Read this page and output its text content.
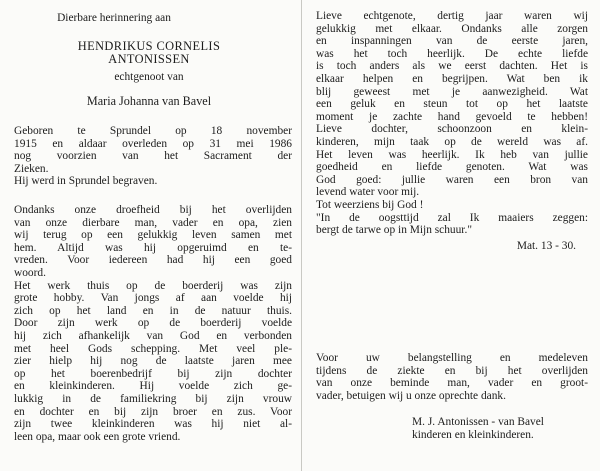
Dierbare herinnering aan
HENDRIKUS CORNELIS
ANTONISSEN
echtgenoot van
Maria Johanna van Bavel
Geboren te Sprundel op 18 november
1915 en aldaar overleden op 31 mei 1986
nog voorzien van het Sacrament der
Zieken.
Hij werd in Sprundel begraven.
Ondanks onze droefheid bij het overlijden
van onze dierbare man, vader en opa, zien
wij terug op een gelukkig leven samen met
hem. Altijd was hij opgeruimd en te-
vreden. Voor iedereen had hij een goed
woord.
Het werk thuis op de boerderij was zijn
grote hobby. Van jongs af aan voelde hij
zich op het land en in de natuur thuis.
Door zijn werk op de boerderij voelde
hij zich afhankelijk van God en verbonden
met heel Gods schepping. Met veel ple-
zier hielp hij nog de laatste jaren mee
op het boerenbedrijf bij zijn dochter
en kleinkinderen. Hij voelde zich ge-
lukkig in de familiekring bij zijn vrouw
en dochter en bij zijn broer en zus. Voor
zijn twee kleinkinderen was hij niet al-
leen opa, maar ook een grote vriend.
Lieve echtgenote, dertig jaar waren wij
gelukkig met elkaar. Ondanks alle zorgen
en inspanningen van de eerste jaren,
was het toch heerlijk. De echte liefde
is toch anders als we eerst dachten. Het is
elkaar helpen en begrijpen. Wat ben ik
blij geweest met je aanwezigheid. Wat
een geluk en steun tot op het laatste
moment je zachte hand gevoeld te hebben!
Lieve dochter, schoonzoon en klein-
kinderen, mijn taak op de wereld was af.
Het leven was heerlijk. Ik heb van jullie
goedheid en liefde genoten. Wat was
God goed: jullie waren een bron van
levend water voor mij.
Tot weerziens bij God !
"In de oogsttijd zal Ik maaiers zeggen:
bergt de tarwe op in Mijn schuur."
Mat. 13 - 30.
Voor uw belangstelling en medeleven
tijdens de ziekte en bij het overlijden
van onze beminde man, vader en groot-
vader, betuigen wij u onze oprechte dank.
M. J. Antonissen - van Bavel
kinderen en kleinkinderen.
